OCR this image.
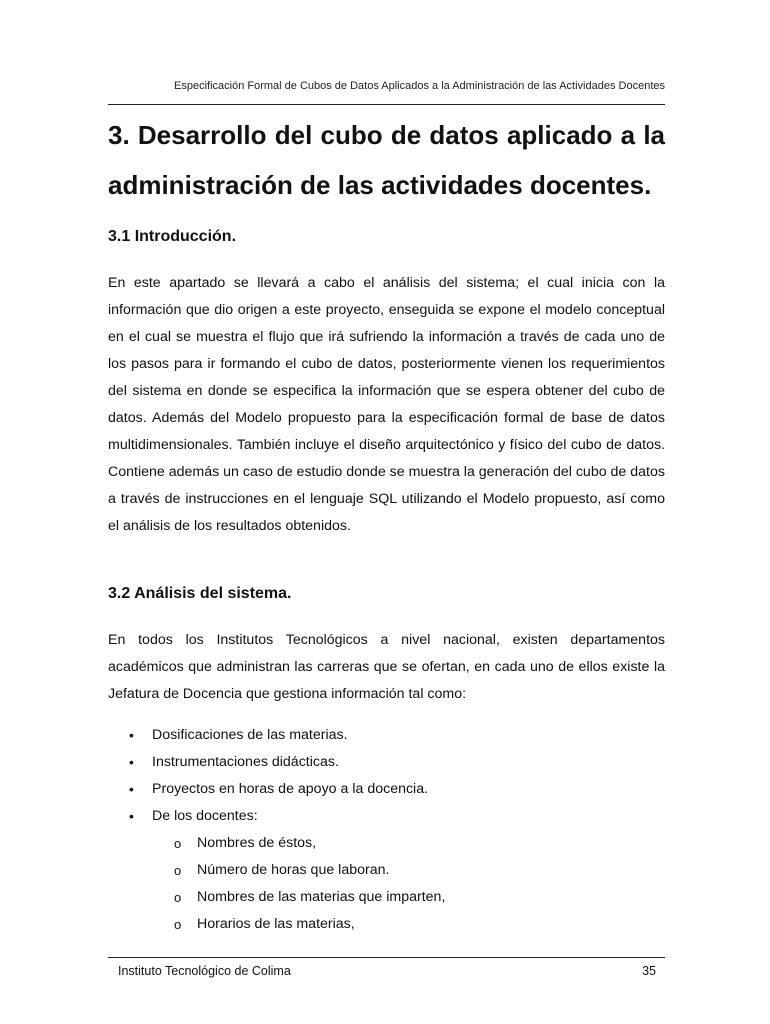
Especificación Formal de Cubos de Datos Aplicados a la Administración de las Actividades Docentes
3. Desarrollo del cubo de datos aplicado a la administración de las actividades docentes.
3.1 Introducción.

En este apartado se llevará a cabo el análisis del sistema; el cual inicia con la información que dio origen a este proyecto, enseguida se expone el modelo conceptual en el cual se muestra el flujo que irá sufriendo la información a través de cada uno de los pasos para ir formando el cubo de datos, posteriormente vienen los requerimientos del sistema en donde se especifica la información que se espera obtener del cubo de datos. Además del Modelo propuesto para la especificación formal de base de datos multidimensionales. También incluye el diseño arquitectónico y físico del cubo de datos. Contiene además un caso de estudio donde se muestra la generación del cubo de datos a través de instrucciones en el lenguaje SQL utilizando el Modelo propuesto, así como el análisis de los resultados obtenidos.

3.2 Análisis del sistema.

En todos los Institutos Tecnológicos a nivel nacional, existen departamentos académicos que administran las carreras que se ofertan, en cada uno de ellos existe la Jefatura de Docencia que gestiona información tal como:

• Dosificaciones de las materias.
• Instrumentaciones didácticas.
• Proyectos en horas de apoyo a la docencia.
• De los docentes:
o Nombres de éstos,
o Número de horas que laboran.
o Nombres de las materias que imparten,
o Horarios de las materias,
Instituto Tecnológico de Colima	35
